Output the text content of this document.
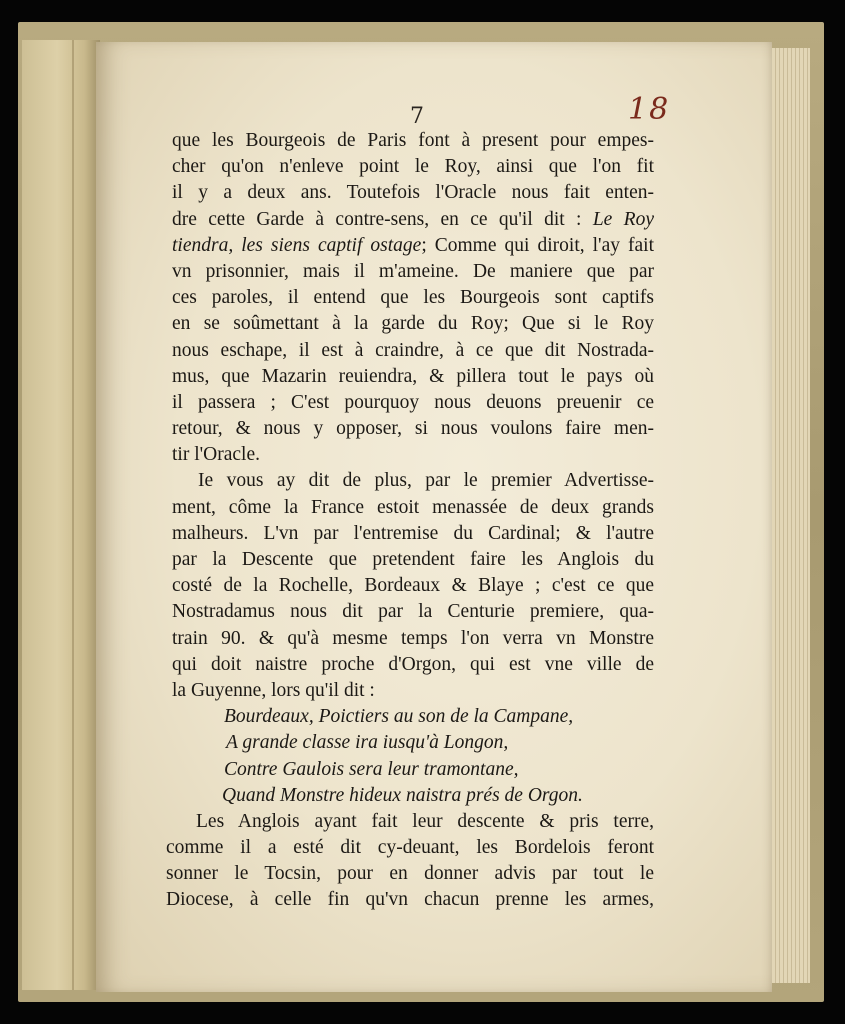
7	18
que les Bourgeois de Paris font à present pour empes-
cher qu'on n'enleve point le Roy, ainsi que l'on fit
il y a deux ans. Toutefois l'Oracle nous fait enten-
dre cette Garde à contre-sens, en ce qu'il dit : Le Roy
tiendra, les siens captif ostage; Comme qui diroit, l'ay fait
vn prisonnier, mais il m'ameine. De maniere que par
ces paroles, il entend que les Bourgeois sont captifs
en se soûmettant à la garde du Roy; Que si le Roy
nous eschape, il est à craindre, à ce que dit Nostrada-
mus, que Mazarin reuiendra, & pillera tout le pays où
il passera ; C'est pourquoy nous deuons preuenir ce
retour, & nous y opposer, si nous voulons faire men-
tir l'Oracle.
Ie vous ay dit de plus, par le premier Advertisse-
ment, côme la France estoit menassée de deux grands
malheurs. L'vn par l'entremise du Cardinal; & l'autre
par la Descente que pretendent faire les Anglois du
costé de la Rochelle, Bordeaux & Blaye ; c'est ce que
Nostradamus nous dit par la Centurie premiere, qua-
train 90. & qu'à mesme temps l'on verra vn Monstre
qui doit naistre proche d'Orgon, qui est vne ville de
la Guyenne, lors qu'il dit :
Bourdeaux, Poictiers au son de la Campane,
A grande classe ira iusqu'à Longon,
Contre Gaulois sera leur tramontane,
Quand Monstre hideux naistra prés de Orgon.
Les Anglois ayant fait leur descente & pris terre,
comme il a esté dit cy-deuant, les Bordelois feront
sonner le Tocsin, pour en donner advis par tout le
Diocese, à celle fin qu'vn chacun prenne les armes,
